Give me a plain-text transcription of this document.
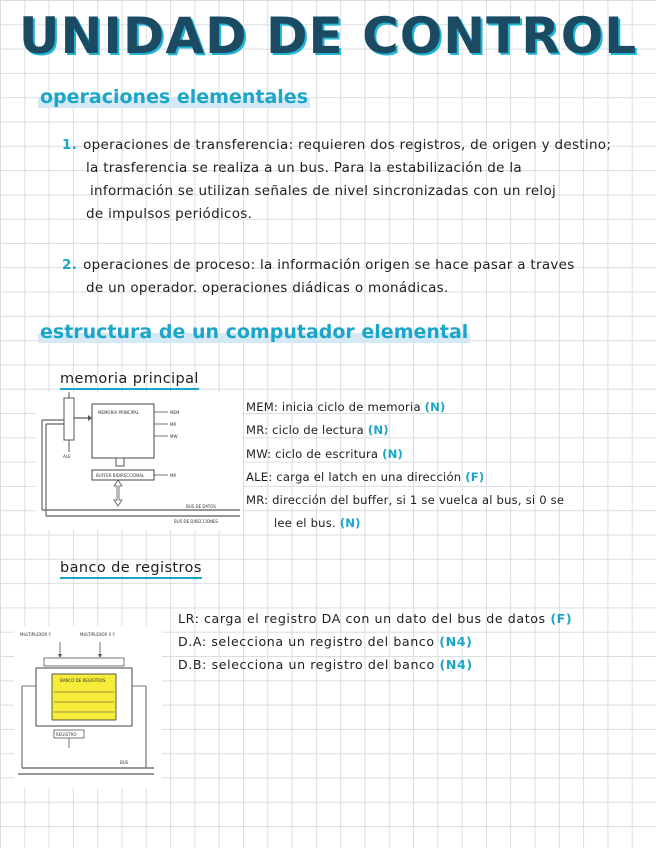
UNIDAD DE CONTROL
operaciones elementales
1. operaciones de transferencia: requieren dos registros, de origen y destino;
la trasferencia se realiza a un bus. Para la estabilización de la
información se utilizan señales de nivel sincronizadas con un reloj
de impulsos periódicos.
2. operaciones de proceso: la información origen se hace pasar a traves
de un operador. operaciones diádicas o monádicas.
estructura de un computador elemental
memoria principal
ALE
MEMORIA PRINCIPAL	MEM
MR
MW
BUFFER BIDIRECCIONAL	MR
BUS DE DATOS
BUS DE DIRECCIONES
MEM: inicia ciclo de memoria (N)
MR: ciclo de lectura (N)
MW: ciclo de escritura (N)
ALE: carga el latch en una dirección (F)
MR: dirección del buffer, si 1 se vuelca al bus, si 0 se
lee el bus. (N)
banco de registros
LR: carga el registro DA con un dato del bus de datos (F)
D.A: selecciona un registro del banco (N4)
D.B: selecciona un registro del banco (N4)
MULTIPLEXOR Y	MULTIPLEXOR X Y
BANCO DE REGISTROS
REGISTRO
BUS
